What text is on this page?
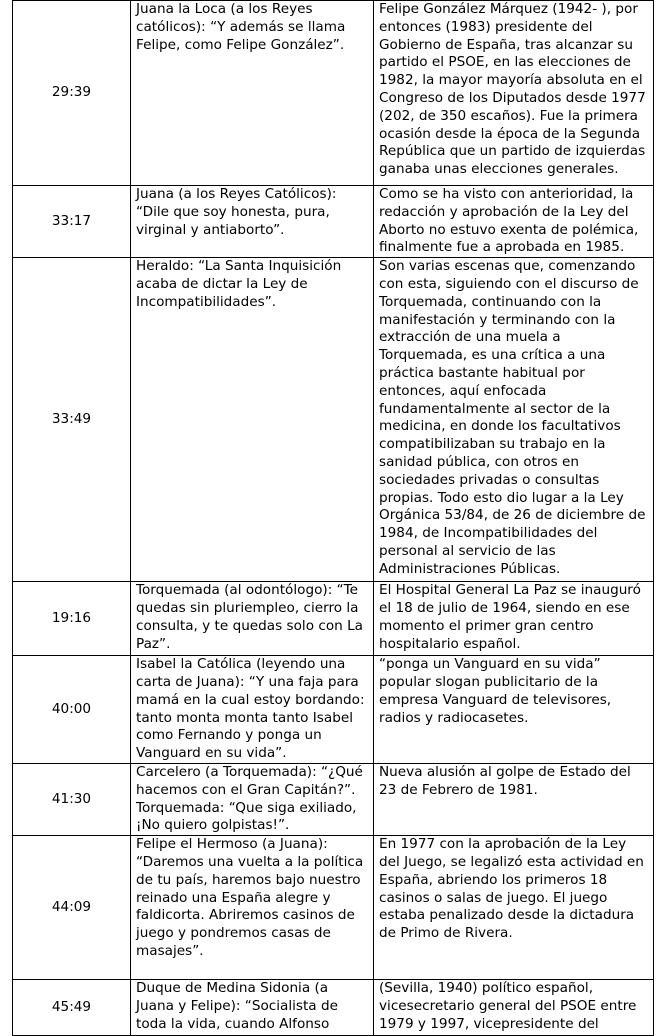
29:39	Juana la Loca (a los Reyes católicos): “Y además se llama Felipe, como Felipe González”.	Felipe González Márquez (1942- ), por entonces (1983) presidente del Gobierno de España, tras alcanzar su partido el PSOE, en las elecciones de 1982, la mayor mayoría absoluta en el Congreso de los Diputados desde 1977 (202, de 350 escaños). Fue la primera ocasión desde la época de la Segunda República que un partido de izquierdas ganaba unas elecciones generales.
33:17	Juana (a los Reyes Católicos): “Dile que soy honesta, pura, virginal y antiaborto”.	Como se ha visto con anterioridad, la redacción y aprobación de la Ley del Aborto no estuvo exenta de polémica, finalmente fue a aprobada en 1985.
33:49	Heraldo: “La Santa Inquisición acaba de dictar la Ley de Incompatibilidades”.	Son varias escenas que, comenzando con esta, siguiendo con el discurso de Torquemada, continuando con la manifestación y terminando con la extracción de una muela a Torquemada, es una crítica a una práctica bastante habitual por entonces, aquí enfocada fundamentalmente al sector de la medicina, en donde los facultativos compatibilizaban su trabajo en la sanidad pública, con otros en sociedades privadas o consultas propias. Todo esto dio lugar a la Ley Orgánica 53/84, de 26 de diciembre de 1984, de Incompatibilidades del personal al servicio de las Administraciones Públicas.
19:16	Torquemada (al odontólogo): “Te quedas sin pluriempleo, cierro la consulta, y te quedas solo con La Paz”.	El Hospital General La Paz se inauguró el 18 de julio de 1964, siendo en ese momento el primer gran centro hospitalario español.
40:00	Isabel la Católica (leyendo una carta de Juana): “Y una faja para mamá en la cual estoy bordando: tanto monta monta tanto Isabel como Fernando y ponga un Vanguard en su vida”.	“ponga un Vanguard en su vida” popular slogan publicitario de la empresa Vanguard de televisores, radios y radiocasetes.
41:30	Carcelero (a Torquemada): “¿Qué hacemos con el Gran Capitán?”. Torquemada: “Que siga exiliado, ¡No quiero golpistas!”.	Nueva alusión al golpe de Estado del 23 de Febrero de 1981.
44:09	Felipe el Hermoso (a Juana): “Daremos una vuelta a la política de tu país, haremos bajo nuestro reinado una España alegre y faldicorta. Abriremos casinos de juego y pondremos casas de masajes”.	En 1977 con la aprobación de la Ley del Juego, se legalizó esta actividad en España, abriendo los primeros 18 casinos o salas de juego. El juego estaba penalizado desde la dictadura de Primo de Rivera.
45:49	Duque de Medina Sidonia (a Juana y Felipe): “Socialista de toda la vida, cuando Alfonso	(Sevilla, 1940) político español, vicesecretario general del PSOE entre 1979 y 1997, vicepresidente del
